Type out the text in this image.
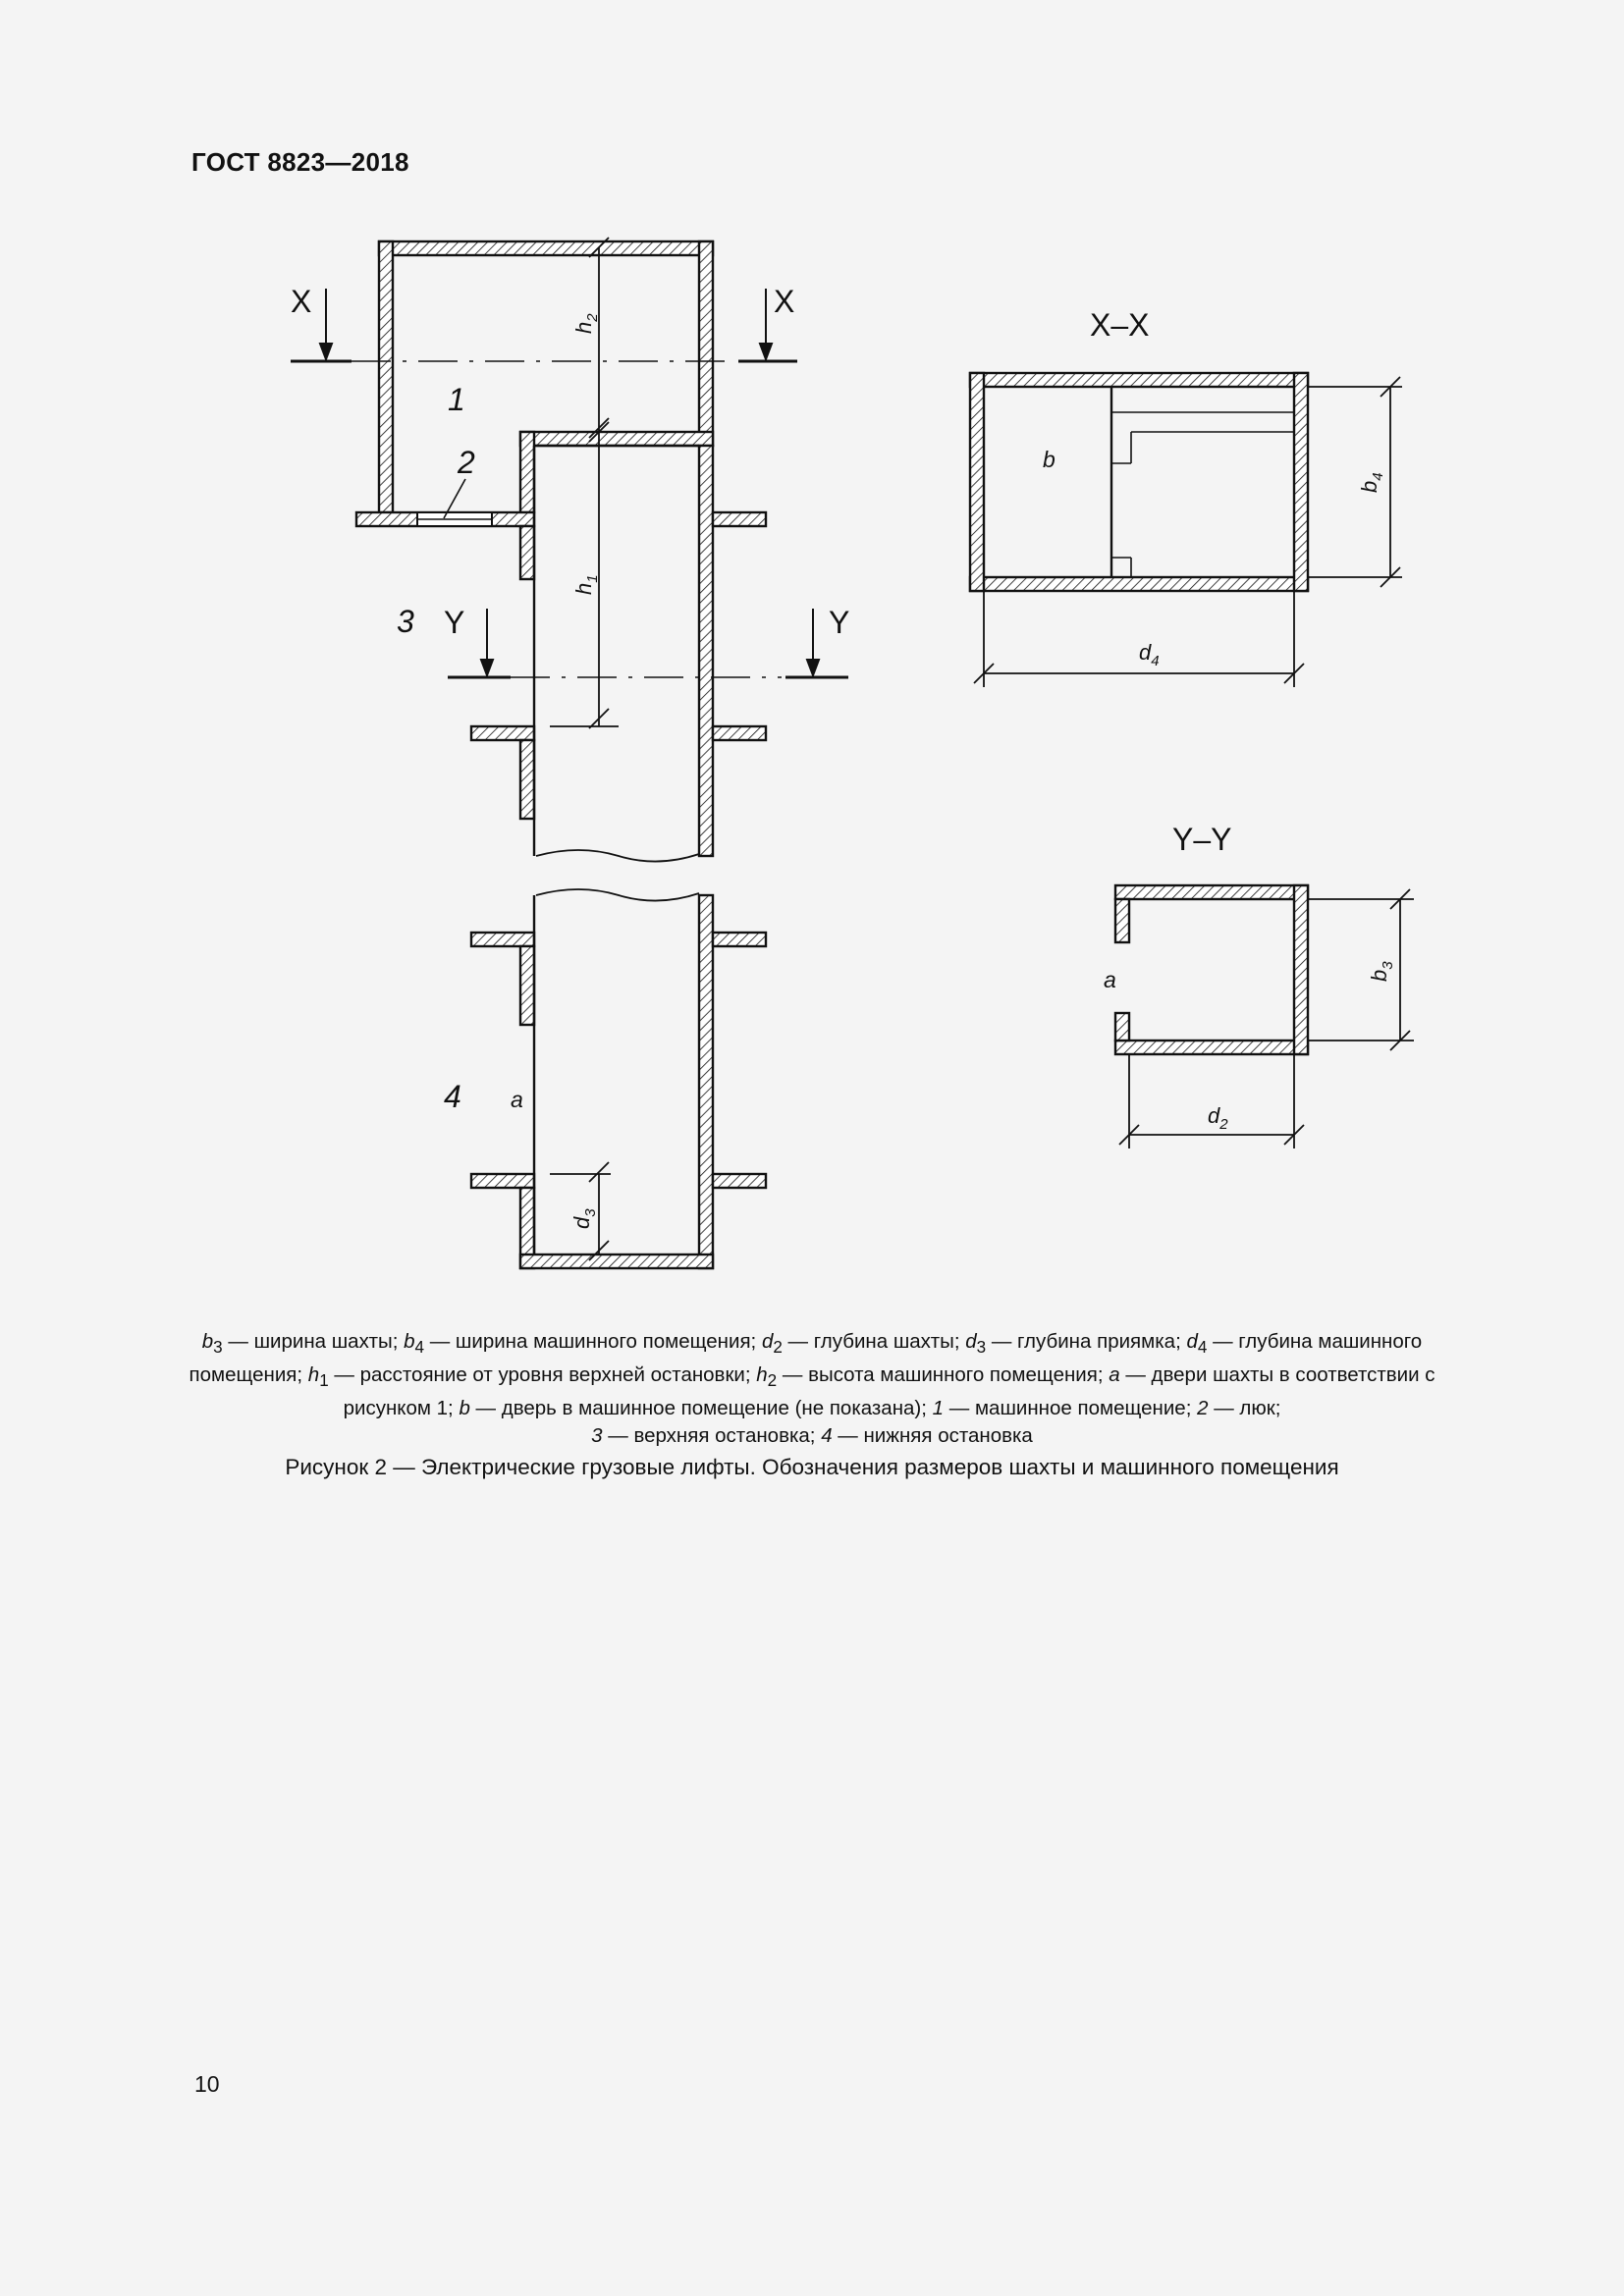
ГОСТ 8823—2018
X	X
Y	Y
$h_2$
$h_1$
$d_3$
1
2
3
4 a
X–X
b
$b_4$
$d_4$
Y–Y
a	$b_3$
$d_2$
$b_3$ — ширина шахты; $b_4$ — ширина машинного помещения; $d_2$ — глубина шахты; $d_3$ — глубина приямка; $d_4$ — глубина машинного помещения; $h_1$ — расстояние от уровня верхней остановки; $h_2$ — высота машинного помещения; a — двери шахты в соответствии с рисунком 1; b — дверь в машинное помещение (не показана); 1 — машинное помещение; 2 — люк;
3 — верхняя остановка; 4 — нижняя остановка
Рисунок 2 — Электрические грузовые лифты. Обозначения размеров шахты и машинного помещения
10
